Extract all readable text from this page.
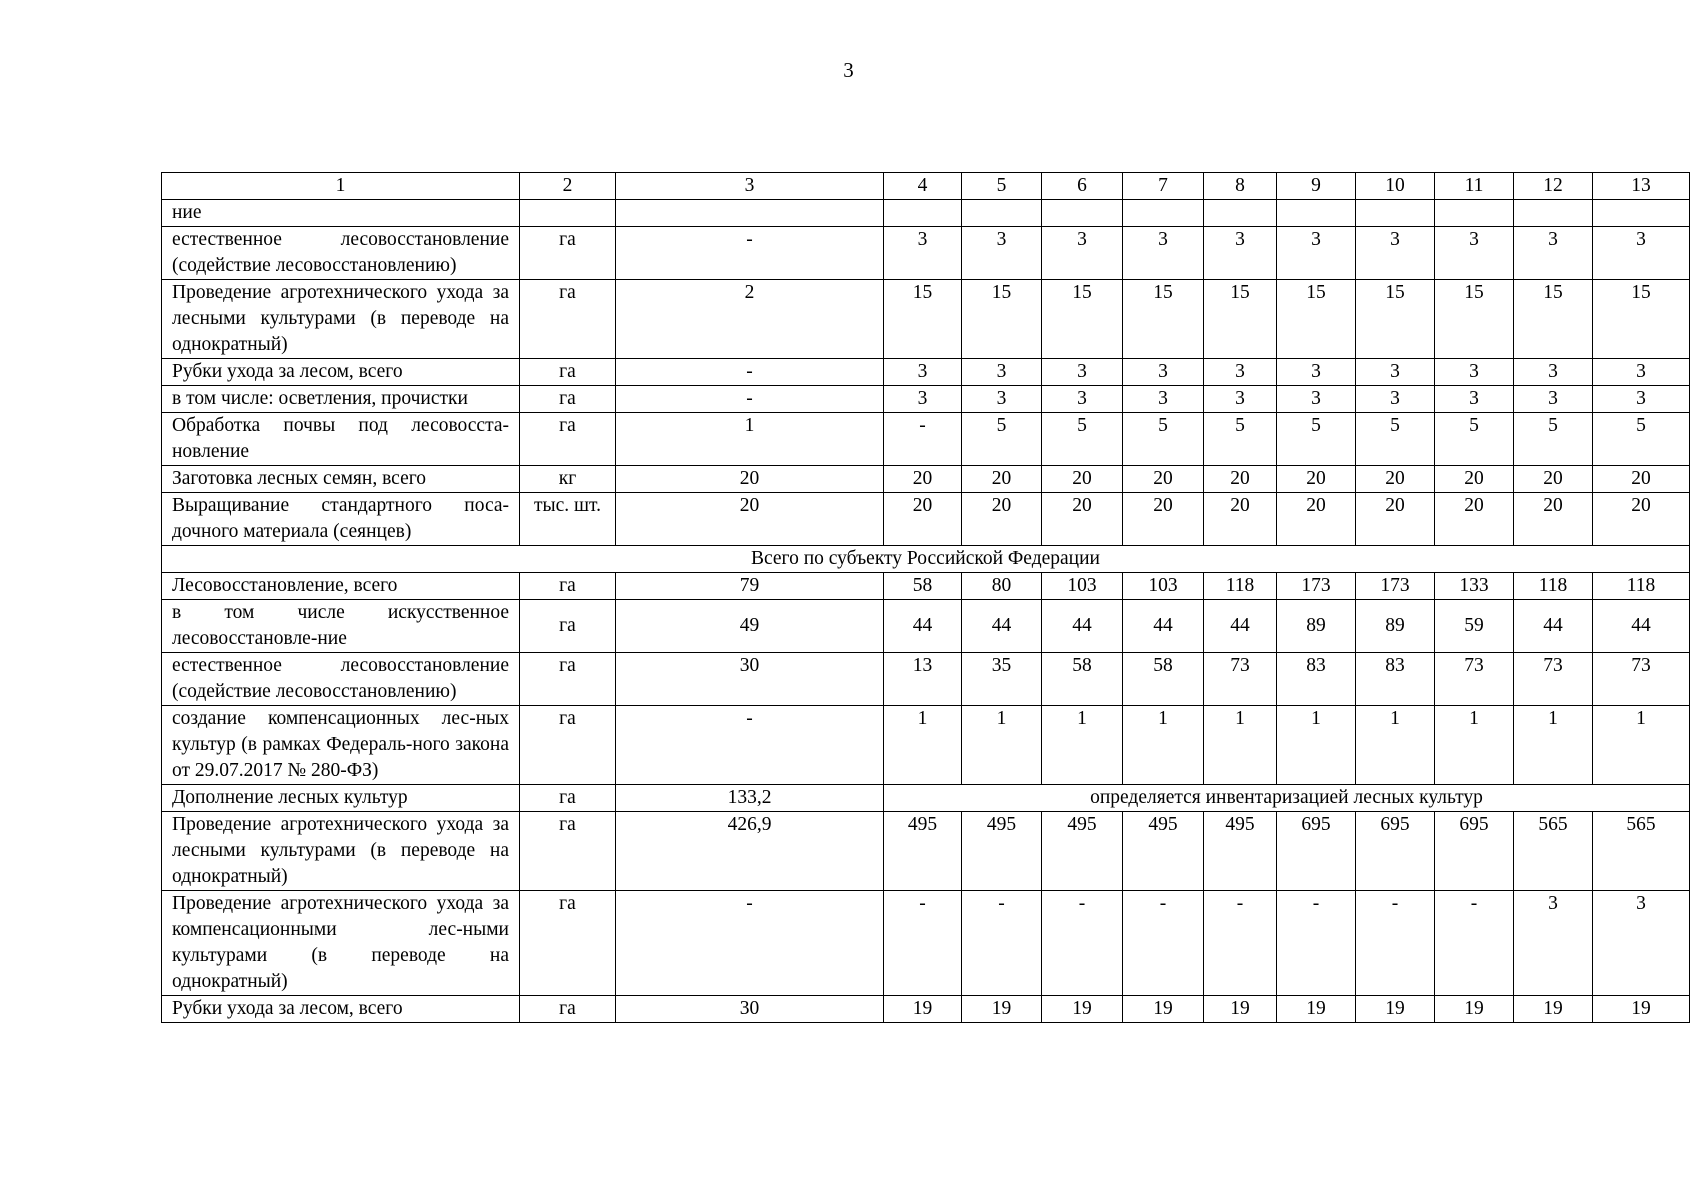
3
1	2	3	4	5	6	7	8	9	10	11	12	13
ние												
естественное лесовосстановление (содействие лесовосстановлению)	га	-	3	3	3	3	3	3	3	3	3	3
Проведение агротехнического ухода за лесными культурами (в переводе на однократный)	га	2	15	15	15	15	15	15	15	15	15	15
Рубки ухода за лесом, всего	га	-	3	3	3	3	3	3	3	3	3	3
в том числе: осветления, прочистки	га	-	3	3	3	3	3	3	3	3	3	3
Обработка почвы под лесовосста-новление	га	1	-	5	5	5	5	5	5	5	5	5
Заготовка лесных семян, всего	кг	20	20	20	20	20	20	20	20	20	20	20
Выращивание стандартного поса-дочного материала (сеянцев)	тыс. шт.	20	20	20	20	20	20	20	20	20	20	20
Всего по субъекту Российской Федерации												
Лесовосстановление, всего	га	79	58	80	103	103	118	173	173	133	118	118
в том числе искусственное лесовосстановле-ние	га	49	44	44	44	44	44	89	89	59	44	44
естественное лесовосстановление (содействие лесовосстановлению)	га	30	13	35	58	58	73	83	83	73	73	73
создание компенсационных лес-ных культур (в рамках Федераль-ного закона от 29.07.2017 № 280-ФЗ)	га	-	1	1	1	1	1	1	1	1	1	1
Дополнение лесных культур	га	133,2	определяется инвентаризацией лесных культур									
Проведение агротехнического ухода за лесными культурами (в переводе на однократный)	га	426,9	495	495	495	495	495	695	695	695	565	565
Проведение агротехнического ухода за компенсационными лес-ными культурами (в переводе на однократный)	га	-	-	-	-	-	-	-	-	-	3	3
Рубки ухода за лесом, всего	га	30	19	19	19	19	19	19	19	19	19	19
